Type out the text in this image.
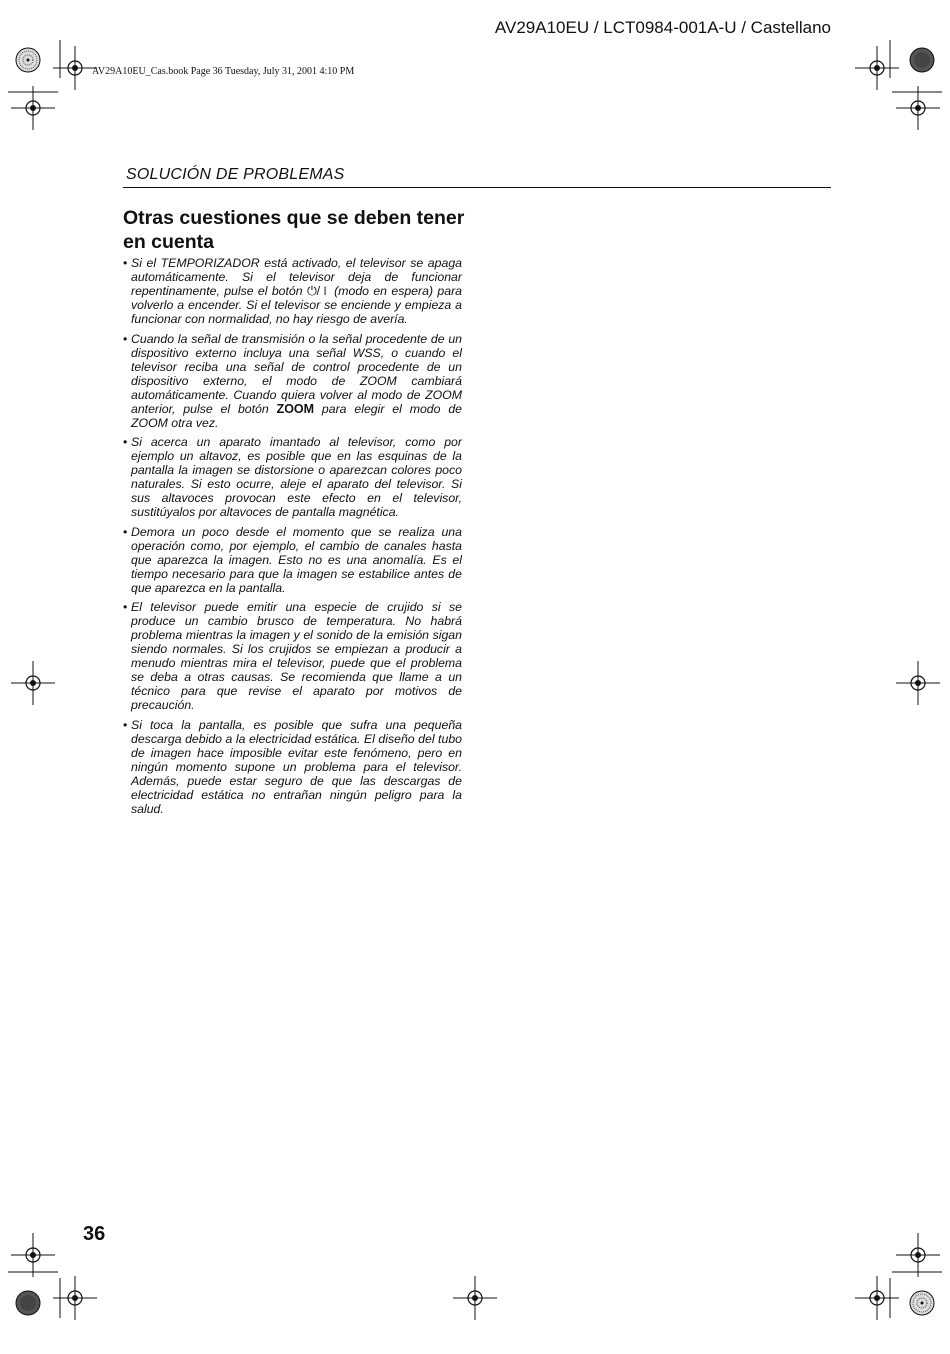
AV29A10EU / LCT0984-001A-U / Castellano
AV29A10EU_Cas.book Page 36 Tuesday, July 31, 2001 4:10 PM
SOLUCIÓN DE PROBLEMAS
Otras cuestiones que se deben tener en cuenta
• Si el TEMPORIZADOR está activado, el televisor se apaga automáticamente. Si el televisor deja de funcionar repentinamente, pulse el botón ⏻/⏽ (modo en espera) para volverlo a encender. Si el televisor se enciende y empieza a funcionar con normalidad, no hay riesgo de avería.
• Cuando la señal de transmisión o la señal procedente de un dispositivo externo incluya una señal WSS, o cuando el televisor reciba una señal de control procedente de un dispositivo externo, el modo de ZOOM cambiará automáticamente. Cuando quiera volver al modo de ZOOM anterior, pulse el botón ZOOM para elegir el modo de ZOOM otra vez.
• Si acerca un aparato imantado al televisor, como por ejemplo un altavoz, es posible que en las esquinas de la pantalla la imagen se distorsione o aparezcan colores poco naturales. Si esto ocurre, aleje el aparato del televisor. Si sus altavoces provocan este efecto en el televisor, sustitúyalos por altavoces de pantalla magnética.
• Demora un poco desde el momento que se realiza una operación como, por ejemplo, el cambio de canales hasta que aparezca la imagen. Esto no es una anomalía. Es el tiempo necesario para que la imagen se estabilice antes de que aparezca en la pantalla.
• El televisor puede emitir una especie de crujido si se produce un cambio brusco de temperatura. No habrá problema mientras la imagen y el sonido de la emisión sigan siendo normales. Si los crujidos se empiezan a producir a menudo mientras mira el televisor, puede que el problema se deba a otras causas. Se recomienda que llame a un técnico para que revise el aparato por motivos de precaución.
• Si toca la pantalla, es posible que sufra una pequeña descarga debido a la electricidad estática. El diseño del tubo de imagen hace imposible evitar este fenómeno, pero en ningún momento supone un problema para el televisor. Además, puede estar seguro de que las descargas de electricidad estática no entrañan ningún peligro para la salud.
36
